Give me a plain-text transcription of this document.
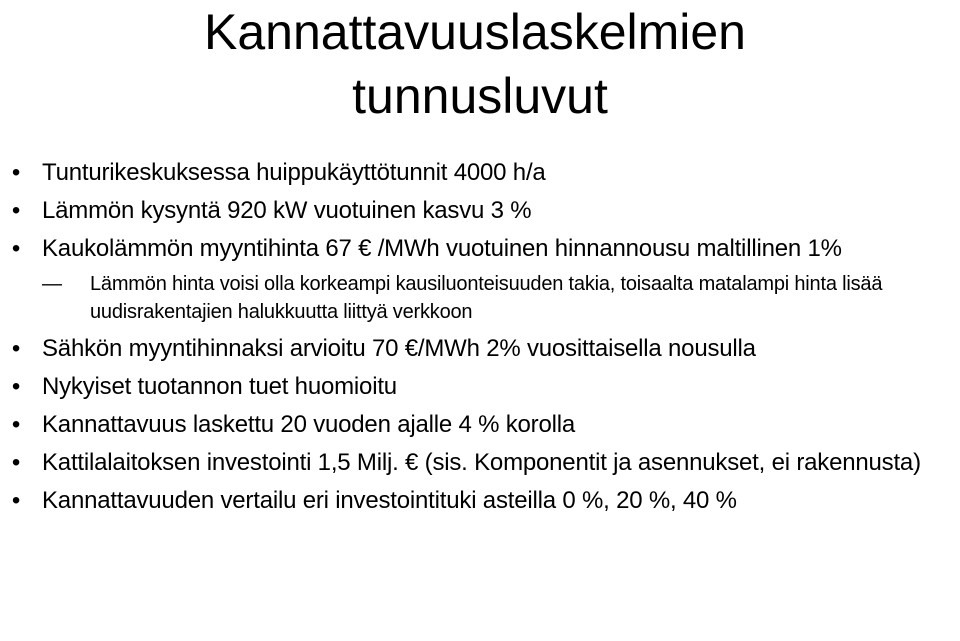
Kannattavuuslaskelmien
tunnusluvut
• Tunturikeskuksessa huippukäyttötunnit 4000 h/a
• Lämmön kysyntä 920 kW vuotuinen kasvu 3 %
• Kaukolämmön myyntihinta 67 € /MWh vuotuinen hinnannousu maltillinen 1%
—	Lämmön hinta voisi olla korkeampi kausiluonteisuuden takia, toisaalta matalampi hinta lisää uudisrakentajien halukkuutta liittyä verkkoon
• Sähkön myyntihinnaksi arvioitu 70 €/MWh 2% vuosittaisella nousulla
• Nykyiset tuotannon tuet huomioitu
• Kannattavuus laskettu 20 vuoden ajalle 4 % korolla
• Kattilalaitoksen investointi 1,5 Milj. € (sis. Komponentit ja asennukset, ei rakennusta)
• Kannattavuuden vertailu eri investointituki asteilla 0 %, 20 %, 40 %
